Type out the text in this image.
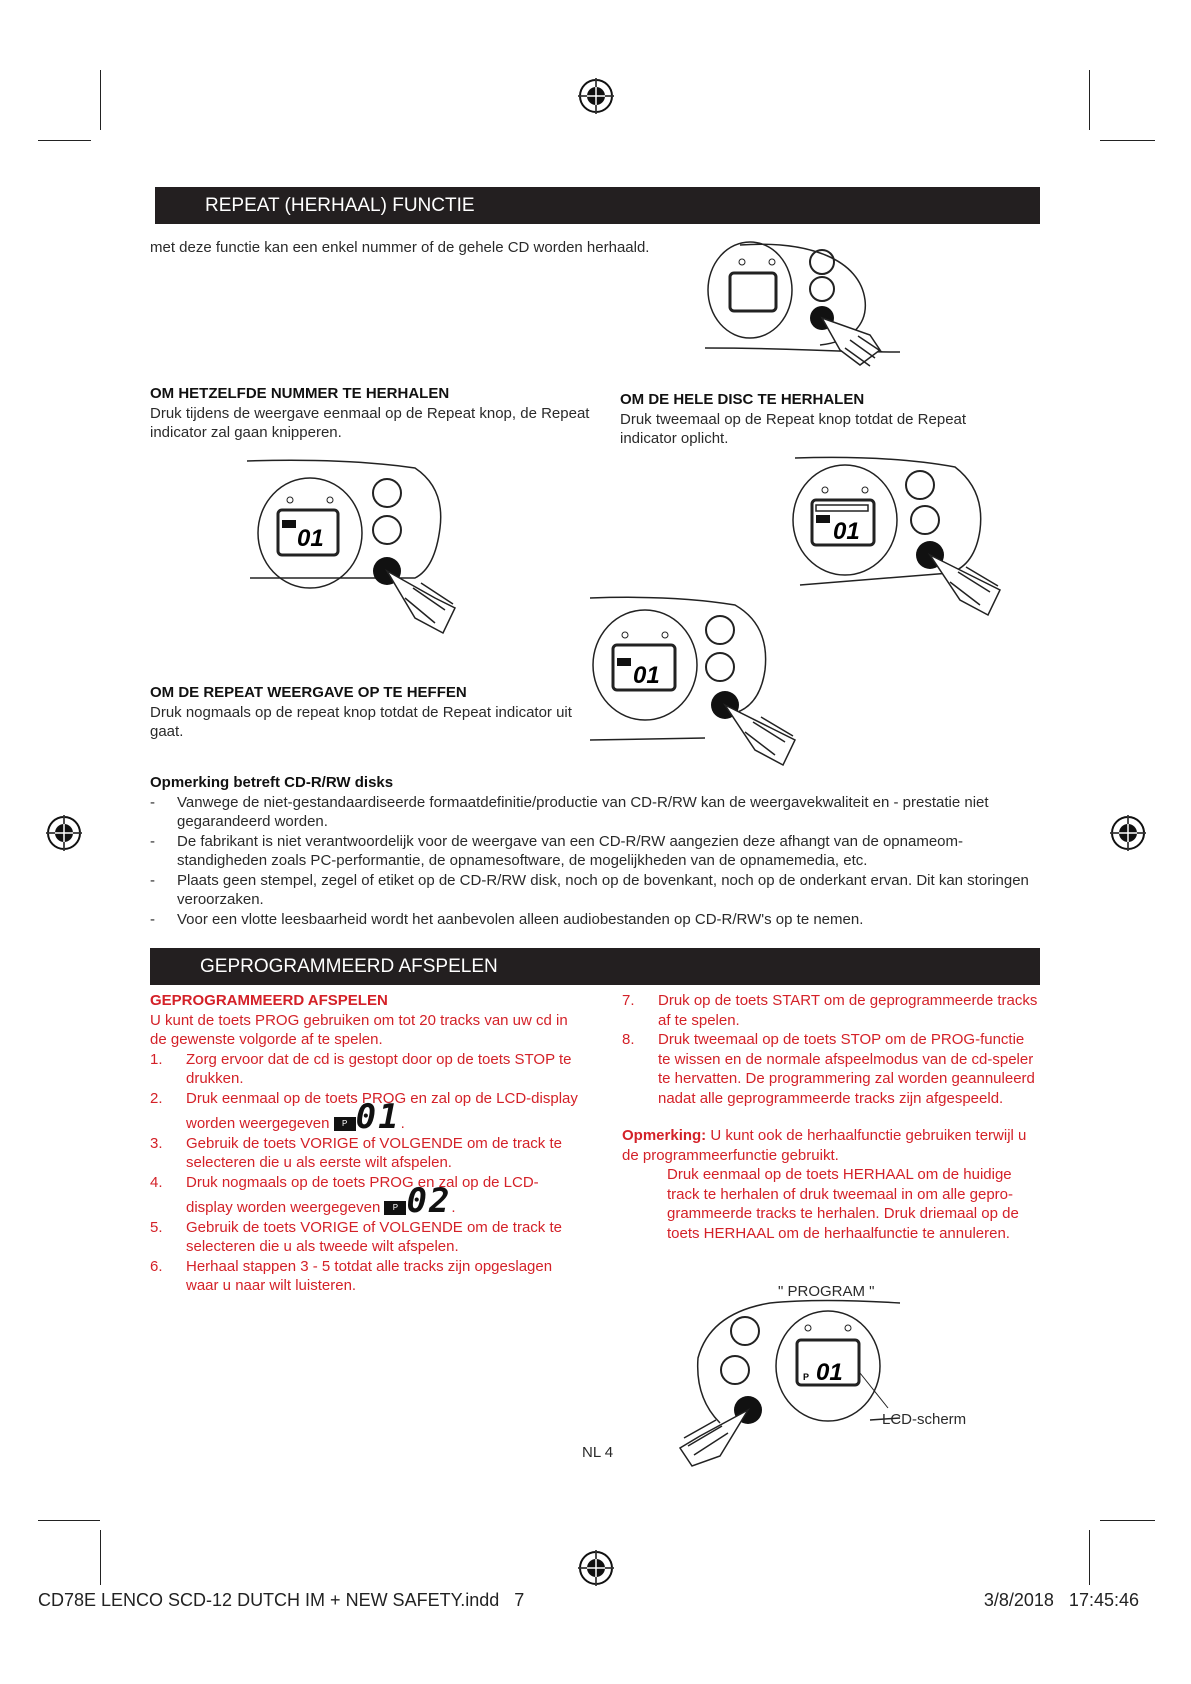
REPEAT (HERHAAL) FUNCTIE

met deze functie kan een enkel nummer of de gehele CD worden herhaald.

OM HETZELFDE NUMMER TE HERHALEN
Druk tijdens de weergave eenmaal op de Repeat knop, de Repeat indicator zal gaan knipperen.

OM DE HELE DISC TE HERHALEN
Druk tweemaal op de Repeat knop totdat de Repeat indicator oplicht.

01	01
01

OM DE REPEAT WEERGAVE OP TE HEFFEN
Druk nogmaals op de repeat knop totdat de Repeat indicator uit gaat.

Opmerking betreft CD-R/RW disks
- Vanwege de niet-gestandaardiseerde formaatdefinitie/productie van CD-R/RW kan de weergavekwaliteit en - prestatie niet gegarandeerd worden.
- De fabrikant is niet verantwoordelijk voor de weergave van een CD-R/RW aangezien deze afhangt van de opnameom-standigheden zoals PC-performantie, de opnamesoftware, de mogelijkheden van de opnamemedia, etc.
- Plaats geen stempel, zegel of etiket op de CD-R/RW disk, noch op de bovenkant, noch op de onderkant ervan. Dit kan storingen veroorzaken.
- Voor een vlotte leesbaarheid wordt het aanbevolen alleen audiobestanden op CD-R/RW's op te nemen.
GEPROGRAMMEERD AFSPELEN
GEPROGRAMMEERD AFSPELEN
U kunt de toets PROG gebruiken om tot 20 tracks van uw cd in de gewenste volgorde af te spelen.
1. Zorg ervoor dat de cd is gestopt door op de toets STOP te drukken.
2. Druk eenmaal op de toets PROG en zal op de LCD-display worden weergegeven P 01.
3. Gebruik de toets VORIGE of VOLGENDE om de track te selecteren die u als eerste wilt afspelen.
4. Druk nogmaals op de toets PROG en zal op de LCD-display worden weergegeven P 02.
5. Gebruik de toets VORIGE of VOLGENDE om de track te selecteren die u als tweede wilt afspelen.
6. Herhaal stappen 3 - 5 totdat alle tracks zijn opgeslagen waar u naar wilt luisteren.
7. Druk op de toets START om de geprogrammeerde tracks af te spelen.
8. Druk tweemaal op de toets STOP om de PROG-functie te wissen en de normale afspeelmodus van de cd-speler te hervatten. De programmering zal worden geannuleerd nadat alle geprogrammeerde tracks zijn afgespeeld.
Opmerking: U kunt ook de herhaalfunctie gebruiken terwijl u de programmeerfunctie gebruikt.
Druk eenmaal op de toets HERHAAL om de huidige track te herhalen of druk tweemaal in om alle gepro-grammeerde tracks te herhalen. Druk driemaal op de toets HERHAAL om de herhaalfunctie te annuleren.
" PROGRAM "
P 01
LCD-scherm
NL 4
CD78E LENCO SCD-12 DUTCH IM + NEW SAFETY.indd   7	3/8/2018   17:45:46
